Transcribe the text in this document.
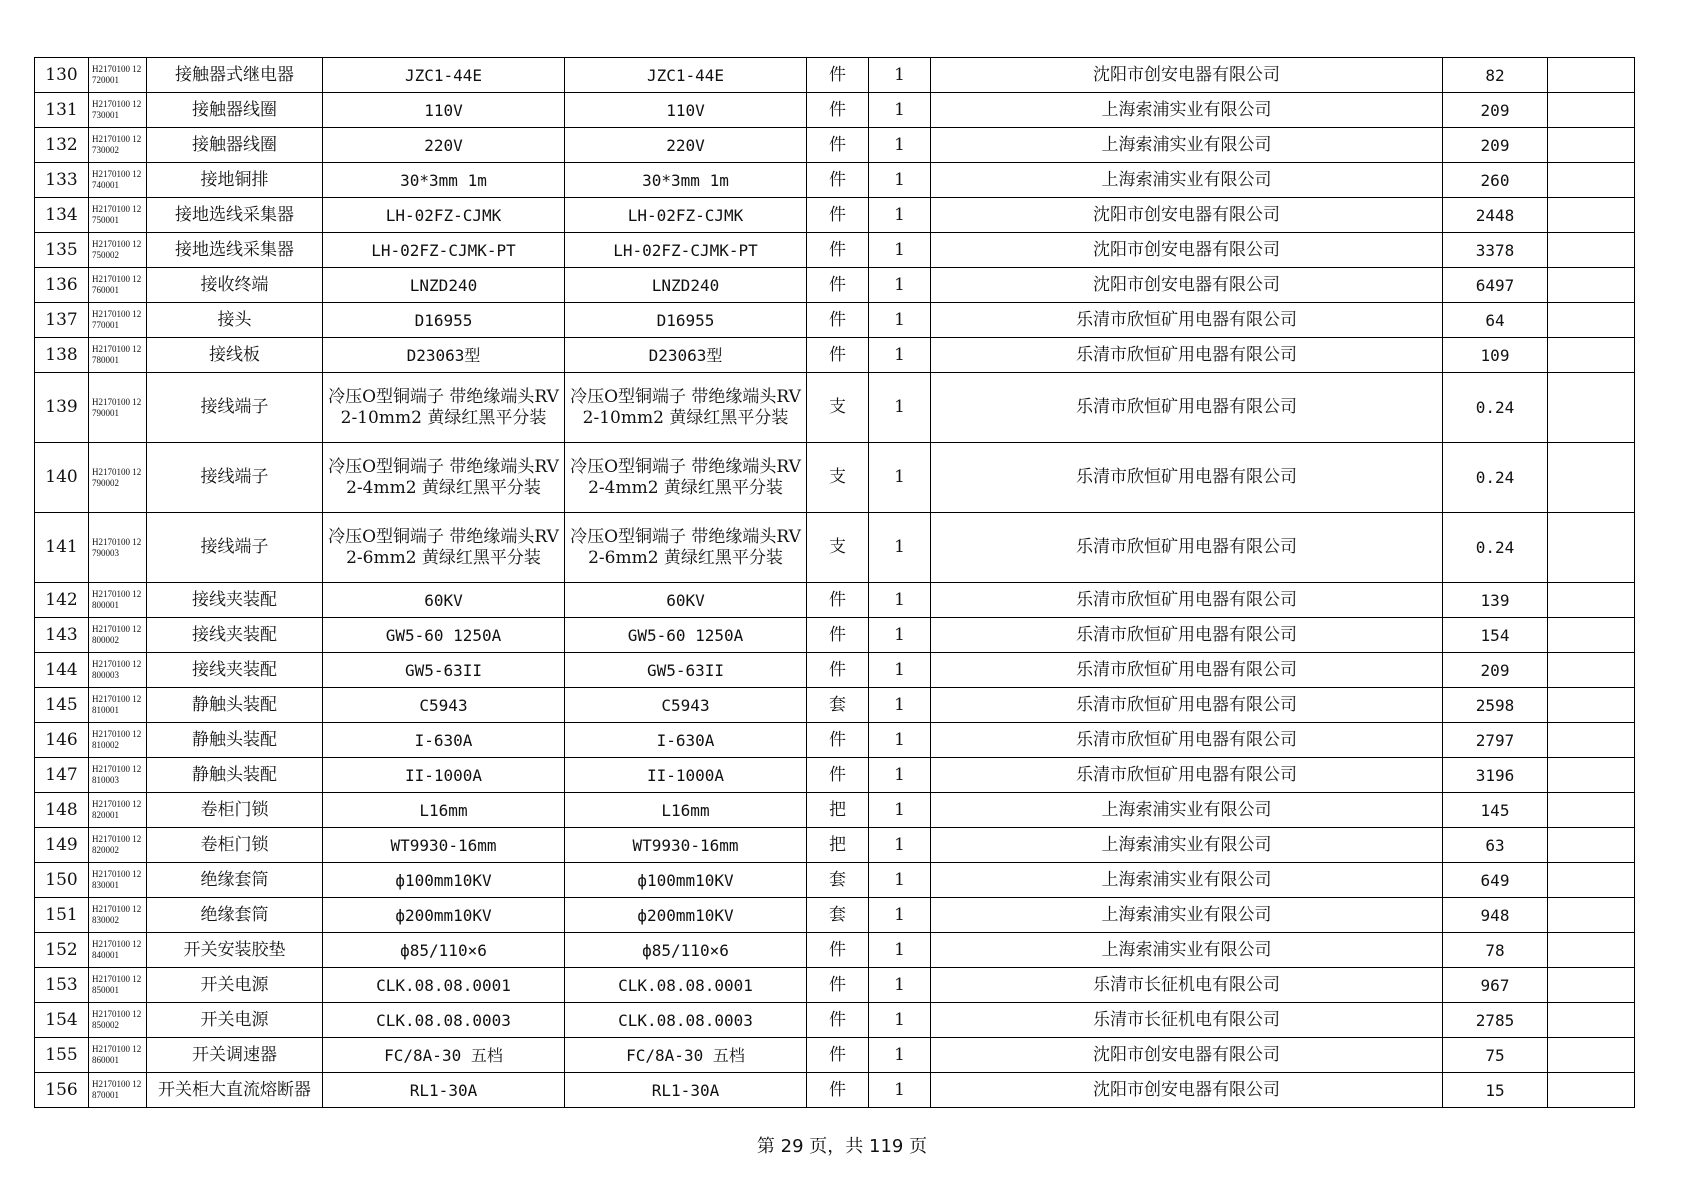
130	H2170100 12720001	接触器式继电器	JZC1-44E	JZC1-44E	件	1	沈阳市创安电器有限公司	82	
131	H2170100 12730001	接触器线圈	110V	110V	件	1	上海索浦实业有限公司	209	
132	H2170100 12730002	接触器线圈	220V	220V	件	1	上海索浦实业有限公司	209	
133	H2170100 12740001	接地铜排	30*3mm 1m	30*3mm 1m	件	1	上海索浦实业有限公司	260	
134	H2170100 12750001	接地选线采集器	LH-02FZ-CJMK	LH-02FZ-CJMK	件	1	沈阳市创安电器有限公司	2448	
135	H2170100 12750002	接地选线采集器	LH-02FZ-CJMK-PT	LH-02FZ-CJMK-PT	件	1	沈阳市创安电器有限公司	3378	
136	H2170100 12760001	接收终端	LNZD240	LNZD240	件	1	沈阳市创安电器有限公司	6497	
137	H2170100 12770001	接头	D16955	D16955	件	1	乐清市欣恒矿用电器有限公司	64	
138	H2170100 12780001	接线板	D23063型	D23063型	件	1	乐清市欣恒矿用电器有限公司	109	
139	H2170100 12790001	接线端子	冷压O型铜端子 带绝缘端头RV2-10mm2 黄绿红黑平分装	冷压O型铜端子 带绝缘端头RV2-10mm2 黄绿红黑平分装	支	1	乐清市欣恒矿用电器有限公司	0.24	
140	H2170100 12790002	接线端子	冷压O型铜端子 带绝缘端头RV2-4mm2 黄绿红黑平分装	冷压O型铜端子 带绝缘端头RV2-4mm2 黄绿红黑平分装	支	1	乐清市欣恒矿用电器有限公司	0.24	
141	H2170100 12790003	接线端子	冷压O型铜端子 带绝缘端头RV2-6mm2 黄绿红黑平分装	冷压O型铜端子 带绝缘端头RV2-6mm2 黄绿红黑平分装	支	1	乐清市欣恒矿用电器有限公司	0.24	
142	H2170100 12800001	接线夹装配	60KV	60KV	件	1	乐清市欣恒矿用电器有限公司	139	
143	H2170100 12800002	接线夹装配	GW5-60 1250A	GW5-60 1250A	件	1	乐清市欣恒矿用电器有限公司	154	
144	H2170100 12800003	接线夹装配	GW5-63II	GW5-63II	件	1	乐清市欣恒矿用电器有限公司	209	
145	H2170100 12810001	静触头装配	C5943	C5943	套	1	乐清市欣恒矿用电器有限公司	2598	
146	H2170100 12810002	静触头装配	I-630A	I-630A	件	1	乐清市欣恒矿用电器有限公司	2797	
147	H2170100 12810003	静触头装配	II-1000A	II-1000A	件	1	乐清市欣恒矿用电器有限公司	3196	
148	H2170100 12820001	卷柜门锁	L16mm	L16mm	把	1	上海索浦实业有限公司	145	
149	H2170100 12820002	卷柜门锁	WT9930-16mm	WT9930-16mm	把	1	上海索浦实业有限公司	63	
150	H2170100 12830001	绝缘套筒	ф100mm10KV	ф100mm10KV	套	1	上海索浦实业有限公司	649	
151	H2170100 12830002	绝缘套筒	ф200mm10KV	ф200mm10KV	套	1	上海索浦实业有限公司	948	
152	H2170100 12840001	开关安装胶垫	ф85/110×6	ф85/110×6	件	1	上海索浦实业有限公司	78	
153	H2170100 12850001	开关电源	CLK.08.08.0001	CLK.08.08.0001	件	1	乐清市长征机电有限公司	967	
154	H2170100 12850002	开关电源	CLK.08.08.0003	CLK.08.08.0003	件	1	乐清市长征机电有限公司	2785	
155	H2170100 12860001	开关调速器	FC/8A-30 五档	FC/8A-30 五档	件	1	沈阳市创安电器有限公司	75	
156	H2170100 12870001	开关柜大直流熔断器	RL1-30A	RL1-30A	件	1	沈阳市创安电器有限公司	15	
第 29 页，共 119 页
